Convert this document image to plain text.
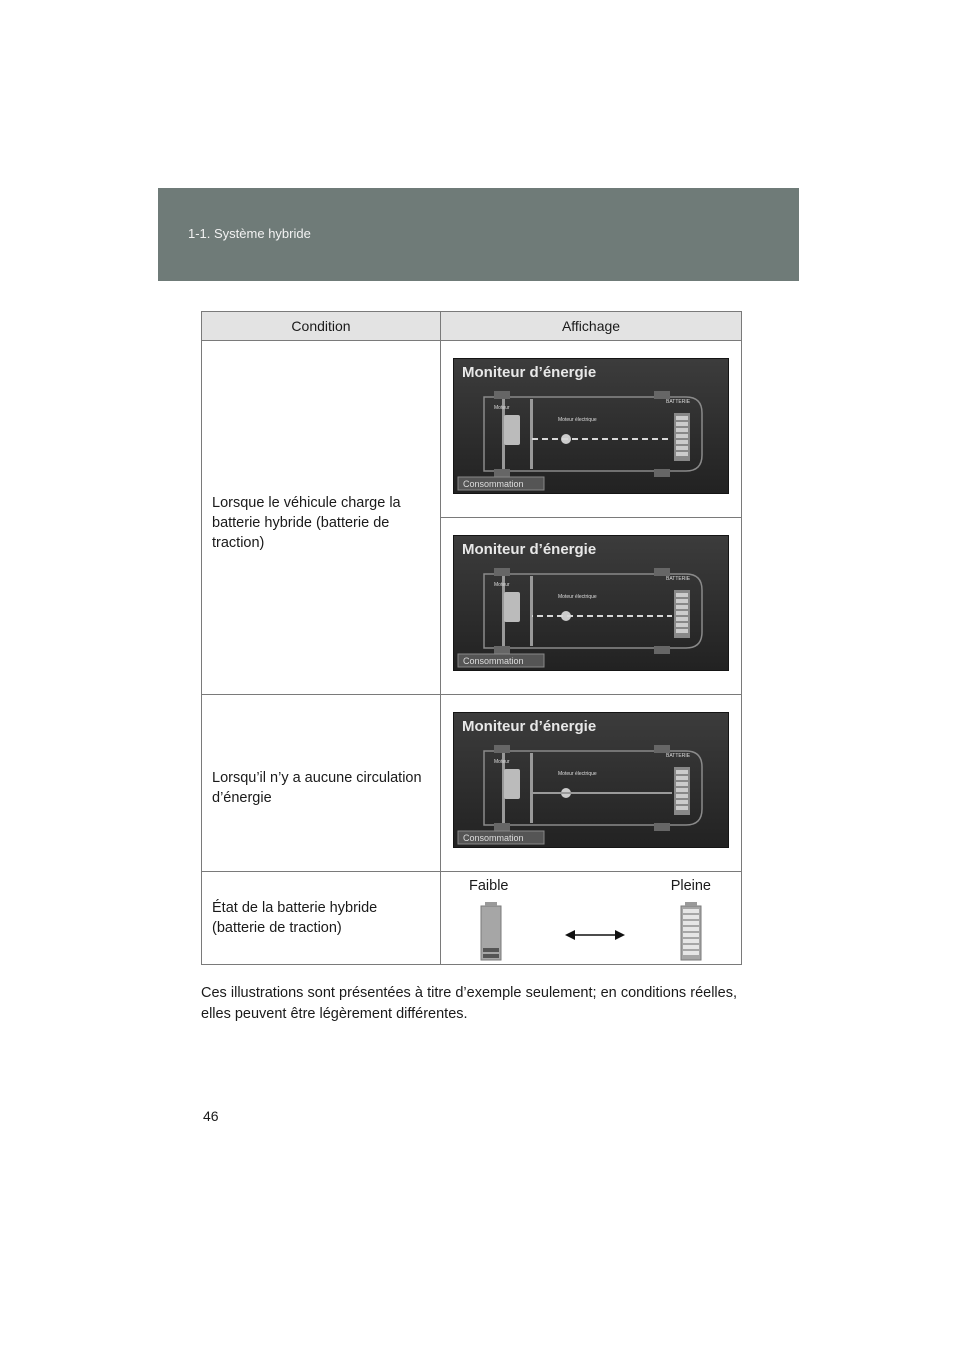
1-1. Système hybride
Condition	Affichage

Lorsque le véhicule charge la batterie hybride (batterie de traction)	Moniteur d’énergie
Moteur
Moteur électrique
BATTERIE
Consommation

Moniteur d’énergie
Moteur
Moteur électrique
BATTERIE
Consommation

Lorsqu’il n’y a aucune circulation d’énergie	Moniteur d’énergie
Moteur
Moteur électrique
BATTERIE
Consommation

État de la batterie hybride (batterie de traction)	Faible Pleine
Ces illustrations sont présentées à titre d’exemple seulement; en conditions réelles, elles peuvent être légèrement différentes.
46
